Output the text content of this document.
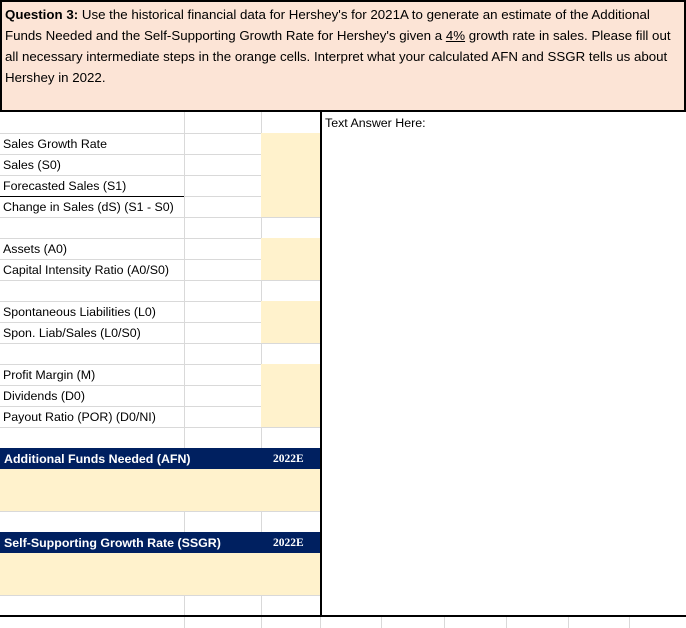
Question 3: Use the historical financial data for Hershey's for 2021A to generate an estimate of the Additional Funds Needed and the Self-Supporting Growth Rate for Hershey's given a 4% growth rate in sales. Please fill out all necessary intermediate steps in the orange cells. Interpret what your calculated AFN and SSGR tells us about Hershey in 2022.
Sales Growth Rate
Sales (S0)
Forecasted Sales (S1)
Change in Sales (dS) (S1 - S0)
Assets (A0)
Capital Intensity Ratio (A0/S0)
Spontaneous Liabilities (L0)
Spon. Liab/Sales (L0/S0)
Profit Margin (M)
Dividends (D0)
Payout Ratio (POR) (D0/NI)
Additional Funds Needed (AFN)	2022E
Self-Supporting Growth Rate (SSGR)	2022E
Text Answer Here:
